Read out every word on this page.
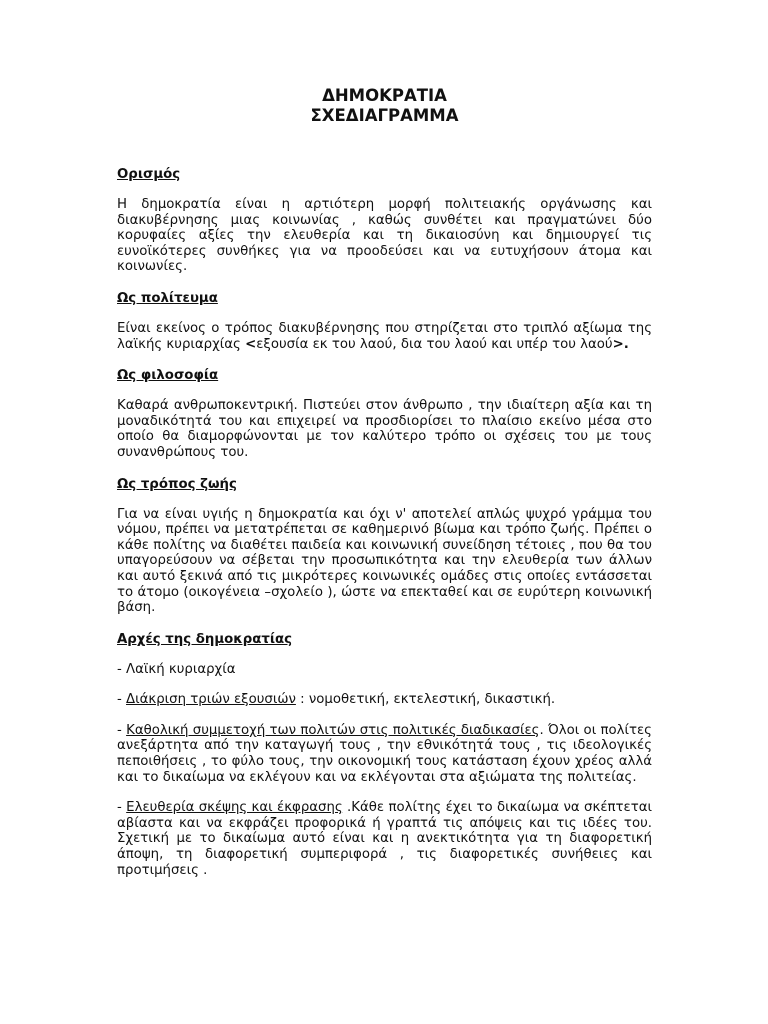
ΔΗΜΟΚΡΑΤΙΑ
ΣΧΕΔΙΑΓΡΑΜΜΑ
Ορισμός

Η δημοκρατία είναι η αρτιότερη μορφή πολιτειακής οργάνωσης και διακυβέρνησης μιας κοινωνίας , καθώς συνθέτει και πραγματώνει δύο κορυφαίες αξίες την ελευθερία και τη δικαιοσύνη και δημιουργεί τις ευνοϊκότερες συνθήκες για να προοδεύσει και να ευτυχήσουν άτομα και κοινωνίες.

Ως πολίτευμα

Είναι εκείνος ο τρόπος διακυβέρνησης που στηρίζεται στο τριπλό αξίωμα της λαϊκής κυριαρχίας <εξουσία εκ του λαού, δια του λαού και υπέρ του λαού>.

Ως φιλοσοφία

Καθαρά ανθρωποκεντρική. Πιστεύει στον άνθρωπο , την ιδιαίτερη αξία και τη μοναδικότητά του και επιχειρεί να προσδιορίσει το πλαίσιο εκείνο μέσα στο οποίο θα διαμορφώνονται με τον καλύτερο τρόπο οι σχέσεις του με τους συνανθρώπους του.

Ως τρόπος ζωής

Για να είναι υγιής η δημοκρατία και όχι ν' αποτελεί απλώς ψυχρό γράμμα του νόμου, πρέπει να μετατρέπεται σε καθημερινό βίωμα και τρόπο ζωής. Πρέπει ο κάθε πολίτης να διαθέτει παιδεία και κοινωνική συνείδηση τέτοιες , που θα του υπαγορεύσουν να σέβεται την προσωπικότητα και την ελευθερία των άλλων και αυτό ξεκινά από τις μικρότερες κοινωνικές ομάδες στις οποίες εντάσσεται το άτομο (οικογένεια –σχολείο ), ώστε να επεκταθεί και σε ευρύτερη κοινωνική βάση.

Αρχές της δημοκρατίας

- Λαϊκή κυριαρχία

- Διάκριση τριών εξουσιών : νομοθετική, εκτελεστική, δικαστική.

- Καθολική συμμετοχή των πολιτών στις πολιτικές διαδικασίες. Όλοι οι πολίτες ανεξάρτητα από την καταγωγή τους , την εθνικότητά τους , τις ιδεολογικές πεποιθήσεις , το φύλο τους, την οικονομική τους κατάσταση έχουν χρέος αλλά και το δικαίωμα να εκλέγουν και να εκλέγονται στα αξιώματα της πολιτείας.

- Ελευθερία σκέψης και έκφρασης .Κάθε πολίτης έχει το δικαίωμα να σκέπτεται αβίαστα και να εκφράζει προφορικά ή γραπτά τις απόψεις και τις ιδέες του. Σχετική με το δικαίωμα αυτό είναι και η ανεκτικότητα για τη διαφορετική άποψη, τη διαφορετική συμπεριφορά , τις διαφορετικές συνήθειες και προτιμήσεις .
